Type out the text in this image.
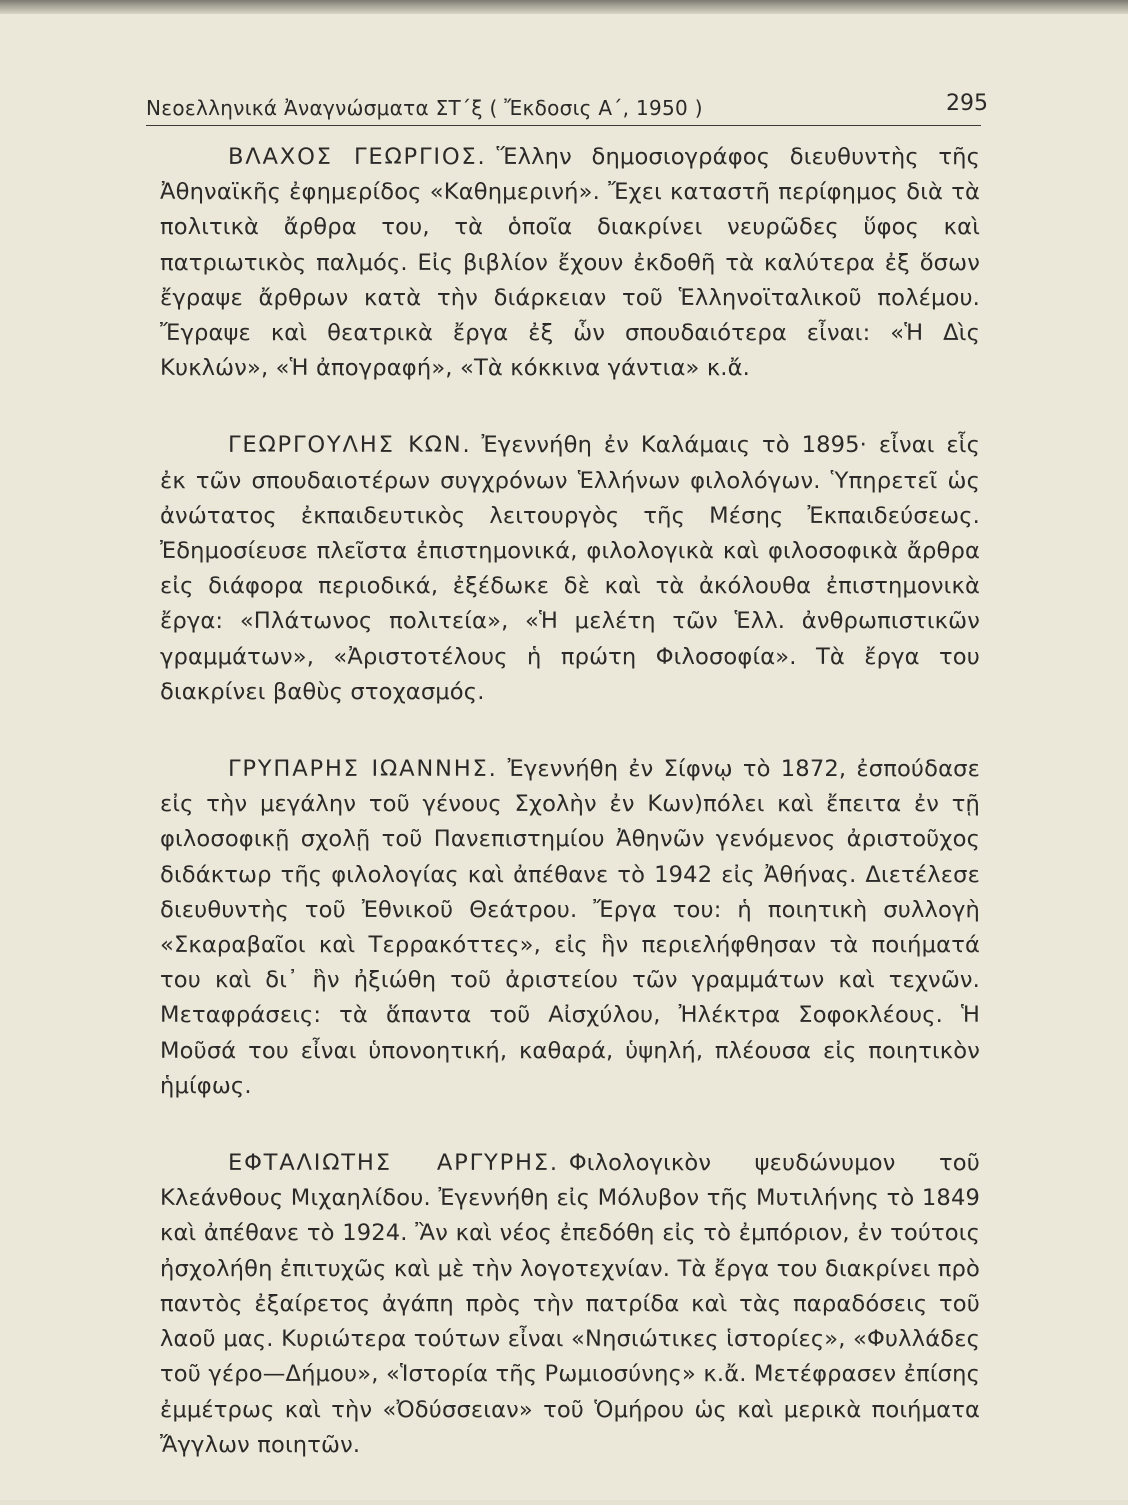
Νεοελληνικά Ἀναγνώσματα ΣΤ΄ξ ( Ἔκδοσις Α΄, 1950 )	295

ΒΛΑΧΟΣ ΓΕΩΡΓΙΟΣ. Ἕλλην δημοσιογράφος διευθυντὴς τῆς Ἀθηναϊκῆς ἐφημερίδος «Καθημερινή». Ἔχει καταστῆ περίφημος διὰ τὰ πολιτικὰ ἄρθρα του, τὰ ὁποῖα διακρίνει νευρῶδες ὕφος καὶ πατριωτικὸς παλμός. Εἰς βιβλίον ἔχουν ἐκδοθῆ τὰ καλύτερα ἐξ ὅσων ἔγραψε ἄρθρων κατὰ τὴν διάρκειαν τοῦ Ἑλληνοϊταλικοῦ πολέμου. Ἔγραψε καὶ θεατρικὰ ἔργα ἐξ ὧν σπουδαιότερα εἶναι: «Ἡ Δὶς Κυκλών», «Ἡ ἀπογραφή», «Τὰ κόκκινα γάντια» κ.ἄ.

ΓΕΩΡΓΟΥΛΗΣ ΚΩΝ. Ἐγεννήθη ἐν Καλάμαις τὸ 1895· εἶναι εἷς ἐκ τῶν σπουδαιοτέρων συγχρόνων Ἑλλήνων φιλολόγων. Ὑπηρετεῖ ὡς ἀνώτατος ἐκπαιδευτικὸς λειτουργὸς τῆς Μέσης Ἐκπαιδεύσεως. Ἐδημοσίευσε πλεῖστα ἐπιστημονικά, φιλολογικὰ καὶ φιλοσοφικὰ ἄρθρα εἰς διάφορα περιοδικά, ἐξέδωκε δὲ καὶ τὰ ἀκόλουθα ἐπιστημονικὰ ἔργα: «Πλάτωνος πολιτεία», «Ἡ μελέτη τῶν Ἑλλ. ἀνθρωπιστικῶν γραμμάτων», «Ἀριστοτέλους ἡ πρώτη Φιλοσοφία». Τὰ ἔργα του διακρίνει βαθὺς στοχασμός.

ΓΡΥΠΑΡΗΣ ΙΩΑΝΝΗΣ. Ἐγεννήθη ἐν Σίφνῳ τὸ 1872, ἐσπούδασε εἰς τὴν μεγάλην τοῦ γένους Σχολὴν ἐν Κων)πόλει καὶ ἔπειτα ἐν τῇ φιλοσοφικῇ σχολῇ τοῦ Πανεπιστημίου Ἀθηνῶν γενόμενος ἀριστοῦχος διδάκτωρ τῆς φιλολογίας καὶ ἀπέθανε τὸ 1942 εἰς Ἀθήνας. Διετέλεσε διευθυντὴς τοῦ Ἐθνικοῦ Θεάτρου. Ἔργα του: ἡ ποιητικὴ συλλογὴ «Σκαραβαῖοι καὶ Τερρακόττες», εἰς ἣν περιελήφθησαν τὰ ποιήματά του καὶ δι᾽ ἣν ἠξιώθη τοῦ ἀριστείου τῶν γραμμάτων καὶ τεχνῶν. Μεταφράσεις: τὰ ἅπαντα τοῦ Αἰσχύλου, Ἠλέκτρα Σοφοκλέους. Ἡ Μοῦσά του εἶναι ὑπονοητική, καθαρά, ὑψηλή, πλέουσα εἰς ποιητικὸν ἡμίφως.

ΕΦΤΑΛΙΩΤΗΣ ΑΡΓΥΡΗΣ. Φιλολογικὸν ψευδώνυμον τοῦ Κλεάνθους Μιχαηλίδου. Ἐγεννήθη εἰς Μόλυβον τῆς Μυτιλήνης τὸ 1849 καὶ ἀπέθανε τὸ 1924. Ἂν καὶ νέος ἐπεδόθη εἰς τὸ ἐμπόριον, ἐν τούτοις ἠσχολήθη ἐπιτυχῶς καὶ μὲ τὴν λογοτεχνίαν. Τὰ ἔργα του διακρίνει πρὸ παντὸς ἐξαίρετος ἀγάπη πρὸς τὴν πατρίδα καὶ τὰς παραδόσεις τοῦ λαοῦ μας. Κυριώτερα τούτων εἶναι «Νησιώτικες ἱστορίες», «Φυλλάδες τοῦ γέρο—Δήμου», «Ἱστορία τῆς Ρωμιοσύνης» κ.ἄ. Μετέφρασεν ἐπίσης ἐμμέτρως καὶ τὴν «Ὀδύσσειαν» τοῦ Ὁμήρου ὡς καὶ μερικὰ ποιήματα Ἄγγλων ποιητῶν.
